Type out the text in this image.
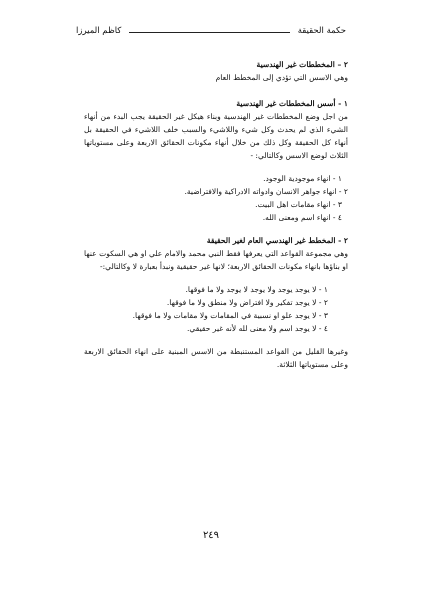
حكمة الحقيقة
كاظم الميرزا

٢ – المخططات غير الهندسية

وهي الاسس التي تؤدي إلى المخطط العام

١ - أسس المخططات غير الهندسية

من اجل وضع المخططات غير الهندسية وبناء هيكل غير الحقيقة يجب البدء من أنهاء الشيء الذي لم يحدث وكل شيء واللاشيء والسبب خلف اللاشيء في الحقيقة بل أنهاء كل الحقيقة وكل ذلك من خلال أنهاء مكونات الحقائق الاربعة وعلى مستوياتها الثلاث لوضع الاسس وكالتالي: -

١ - انهاء موجودية الوجود.
٢ - انهاء جواهر الانسان وادواته الادراكية والافتراضية.
٣ - انهاء مقامات اهل البيت.
٤ - انهاء اسم ومعنى الله.

٢ - المخطط غير الهندسي العام لغير الحقيقة

وهي مجموعة القواعد التي يعرفها فقط النبي محمد والامام علي او هي السكوت عنها او بناؤها بانهاء مكونات الحقائق الاربعة؛ لانها غير حقيقية ونبدأ بعبارة لا وكالتالي:-

١ - لا يوجد يوجد ولا يوجد لا يوجد ولا ما فوقها.
٢ - لا يوجد تفكير ولا افتراض ولا منطق ولا ما فوقها.
٣ - لا يوجد علو او نسبية في المقامات ولا مقامات ولا ما فوقها.
٤ - لا يوجد اسم ولا معنى لله لأنه غير حقيقي.

وغيرها القليل من القواعد المستنبطة من الاسس المبنية على انهاء الحقائق الاربعة وعلى مستوياتها الثلاثة.

٢٤٩
